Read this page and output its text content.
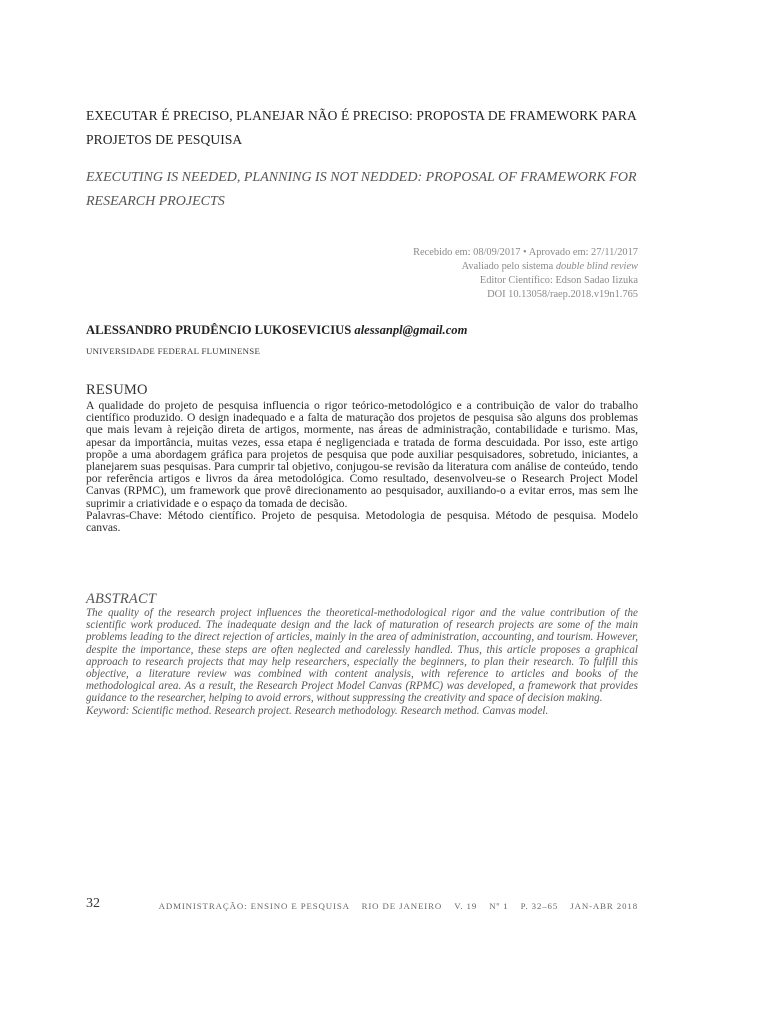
EXECUTAR É PRECISO, PLANEJAR NÃO É PRECISO: PROPOSTA DE FRAMEWORK PARA PROJETOS DE PESQUISA
EXECUTING IS NEEDED, PLANNING IS NOT NEDDED: PROPOSAL OF FRAMEWORK FOR RESEARCH PROJECTS
Recebido em: 08/09/2017 • Aprovado em: 27/11/2017
Avaliado pelo sistema double blind review
Editor Científico: Edson Sadao Iizuka
DOI 10.13058/raep.2018.v19n1.765
ALESSANDRO PRUDÊNCIO LUKOSEVICIUS alessanpl@gmail.com
UNIVERSIDADE FEDERAL FLUMINENSE
RESUMO

A qualidade do projeto de pesquisa influencia o rigor teórico-metodológico e a contribuição de valor do trabalho científico produzido. O design inadequado e a falta de maturação dos projetos de pesquisa são alguns dos problemas que mais levam à rejeição direta de artigos, mormente, nas áreas de administração, contabilidade e turismo. Mas, apesar da importância, muitas vezes, essa etapa é negligenciada e tratada de forma descuidada. Por isso, este artigo propõe a uma abordagem gráfica para projetos de pesquisa que pode auxiliar pesquisadores, sobretudo, iniciantes, a planejarem suas pesquisas. Para cumprir tal objetivo, conjugou-se revisão da literatura com análise de conteúdo, tendo por referência artigos e livros da área metodológica. Como resultado, desenvolveu-se o Research Project Model Canvas (RPMC), um framework que provê direcionamento ao pesquisador, auxiliando-o a evitar erros, mas sem lhe suprimir a criatividade e o espaço da tomada de decisão.

Palavras-Chave: Método científico. Projeto de pesquisa. Metodologia de pesquisa. Método de pesquisa. Modelo canvas.

ABSTRACT

The quality of the research project influences the theoretical-methodological rigor and the value contribution of the scientific work produced. The inadequate design and the lack of maturation of research projects are some of the main problems leading to the direct rejection of articles, mainly in the area of administration, accounting, and tourism. However, despite the importance, these steps are often neglected and carelessly handled. Thus, this article proposes a graphical approach to research projects that may help researchers, especially the beginners, to plan their research. To fulfill this objective, a literature review was combined with content analysis, with reference to articles and books of the methodological area. As a result, the Research Project Model Canvas (RPMC) was developed, a framework that provides guidance to the researcher, helping to avoid errors, without suppressing the creativity and space of decision making.

Keyword: Scientific method. Research project. Research methodology. Research method. Canvas model.

32	ADMINISTRAÇÃO: ENSINO E PESQUISA RIO DE JANEIRO V. 19 Nº 1 P. 32–65 JAN-ABR 2018
